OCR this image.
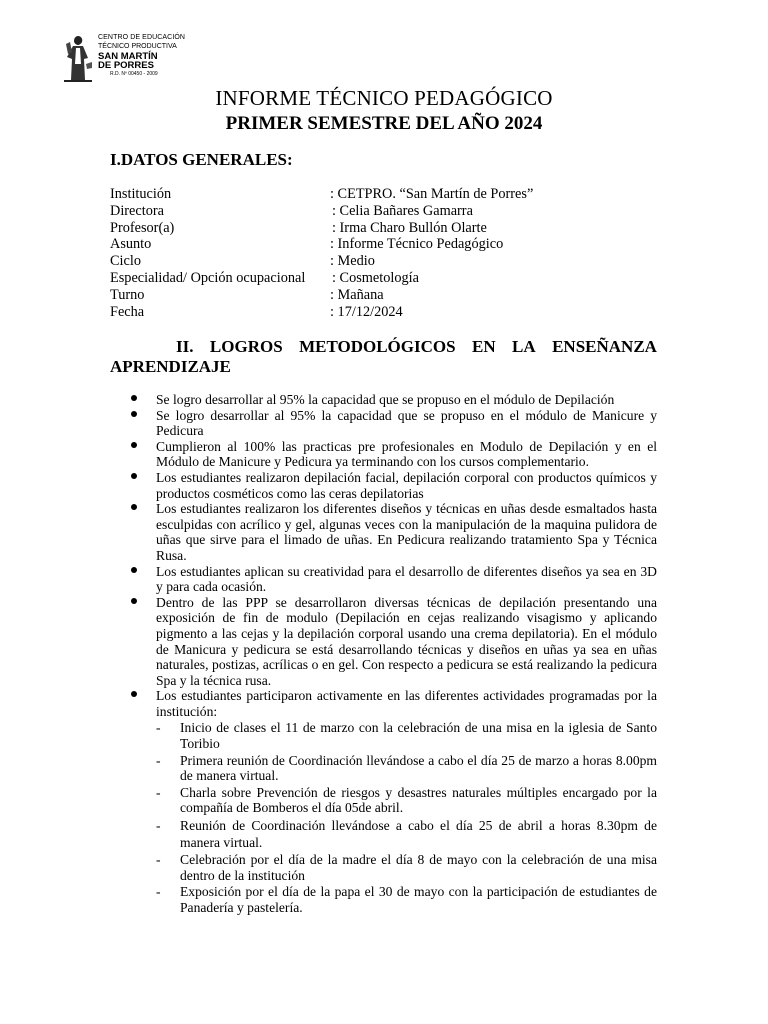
CENTRO DE EDUCACIÓN
TÉCNICO PRODUCTIVA
SAN MARTÍN
DE PORRES
R.D. Nº 00450 - 2009
INFORME TÉCNICO PEDAGÓGICO
PRIMER SEMESTRE DEL AÑO 2024
I.DATOS GENERALES:
Institución	: CETPRO. “San Martín de Porres”
Directora	: Celia Bañares Gamarra
Profesor(a)	: Irma Charo Bullón Olarte
Asunto	: Informe Técnico Pedagógico
Ciclo	: Medio
Especialidad/ Opción ocupacional : Cosmetología
Turno	: Mañana
Fecha	: 17/12/2024
II. LOGROS METODOLÓGICOS EN LA ENSEÑANZA
APRENDIZAJE
Se logro desarrollar al 95% la capacidad que se propuso en el módulo de Depilación
Se logro desarrollar al 95% la capacidad que se propuso en el módulo de Manicure y Pedicura
Cumplieron al 100% las practicas pre profesionales en Modulo de Depilación y en el Módulo de Manicure y Pedicura ya terminando con los cursos complementario.
Los estudiantes realizaron depilación facial, depilación corporal con productos químicos y productos cosméticos como las ceras depilatorias
Los estudiantes realizaron los diferentes diseños y técnicas en uñas desde esmaltados hasta esculpidas con acrílico y gel, algunas veces con la manipulación de la maquina pulidora de uñas que sirve para el limado de uñas. En Pedicura realizando tratamiento Spa y Técnica Rusa.
Los estudiantes aplican su creatividad para el desarrollo de diferentes diseños ya sea en 3D y para cada ocasión.
Dentro de las PPP se desarrollaron diversas técnicas de depilación presentando una exposición de fin de modulo (Depilación en cejas realizando visagismo y aplicando pigmento a las cejas y la depilación corporal usando una crema depilatoria). En el módulo de Manicura y pedicura se está desarrollando técnicas y diseños en uñas ya sea en uñas naturales, postizas, acrílicas o en gel. Con respecto a pedicura se está realizando la pedicura Spa y la técnica rusa.
Los estudiantes participaron activamente en las diferentes actividades programadas por la institución:
- Inicio de clases el 11 de marzo con la celebración de una misa en la iglesia de Santo Toribio
- Primera reunión de Coordinación llevándose a cabo el día 25 de marzo a horas 8.00pm de manera virtual.
- Charla sobre Prevención de riesgos y desastres naturales múltiples encargado por la compañía de Bomberos el día 05de abril.
- Reunión de Coordinación llevándose a cabo el día 25 de abril a horas 8.30pm de manera virtual.
- Celebración por el día de la madre el día 8 de mayo con la celebración de una misa dentro de la institución
- Exposición por el día de la papa el 30 de mayo con la participación de estudiantes de Panadería y pastelería.
